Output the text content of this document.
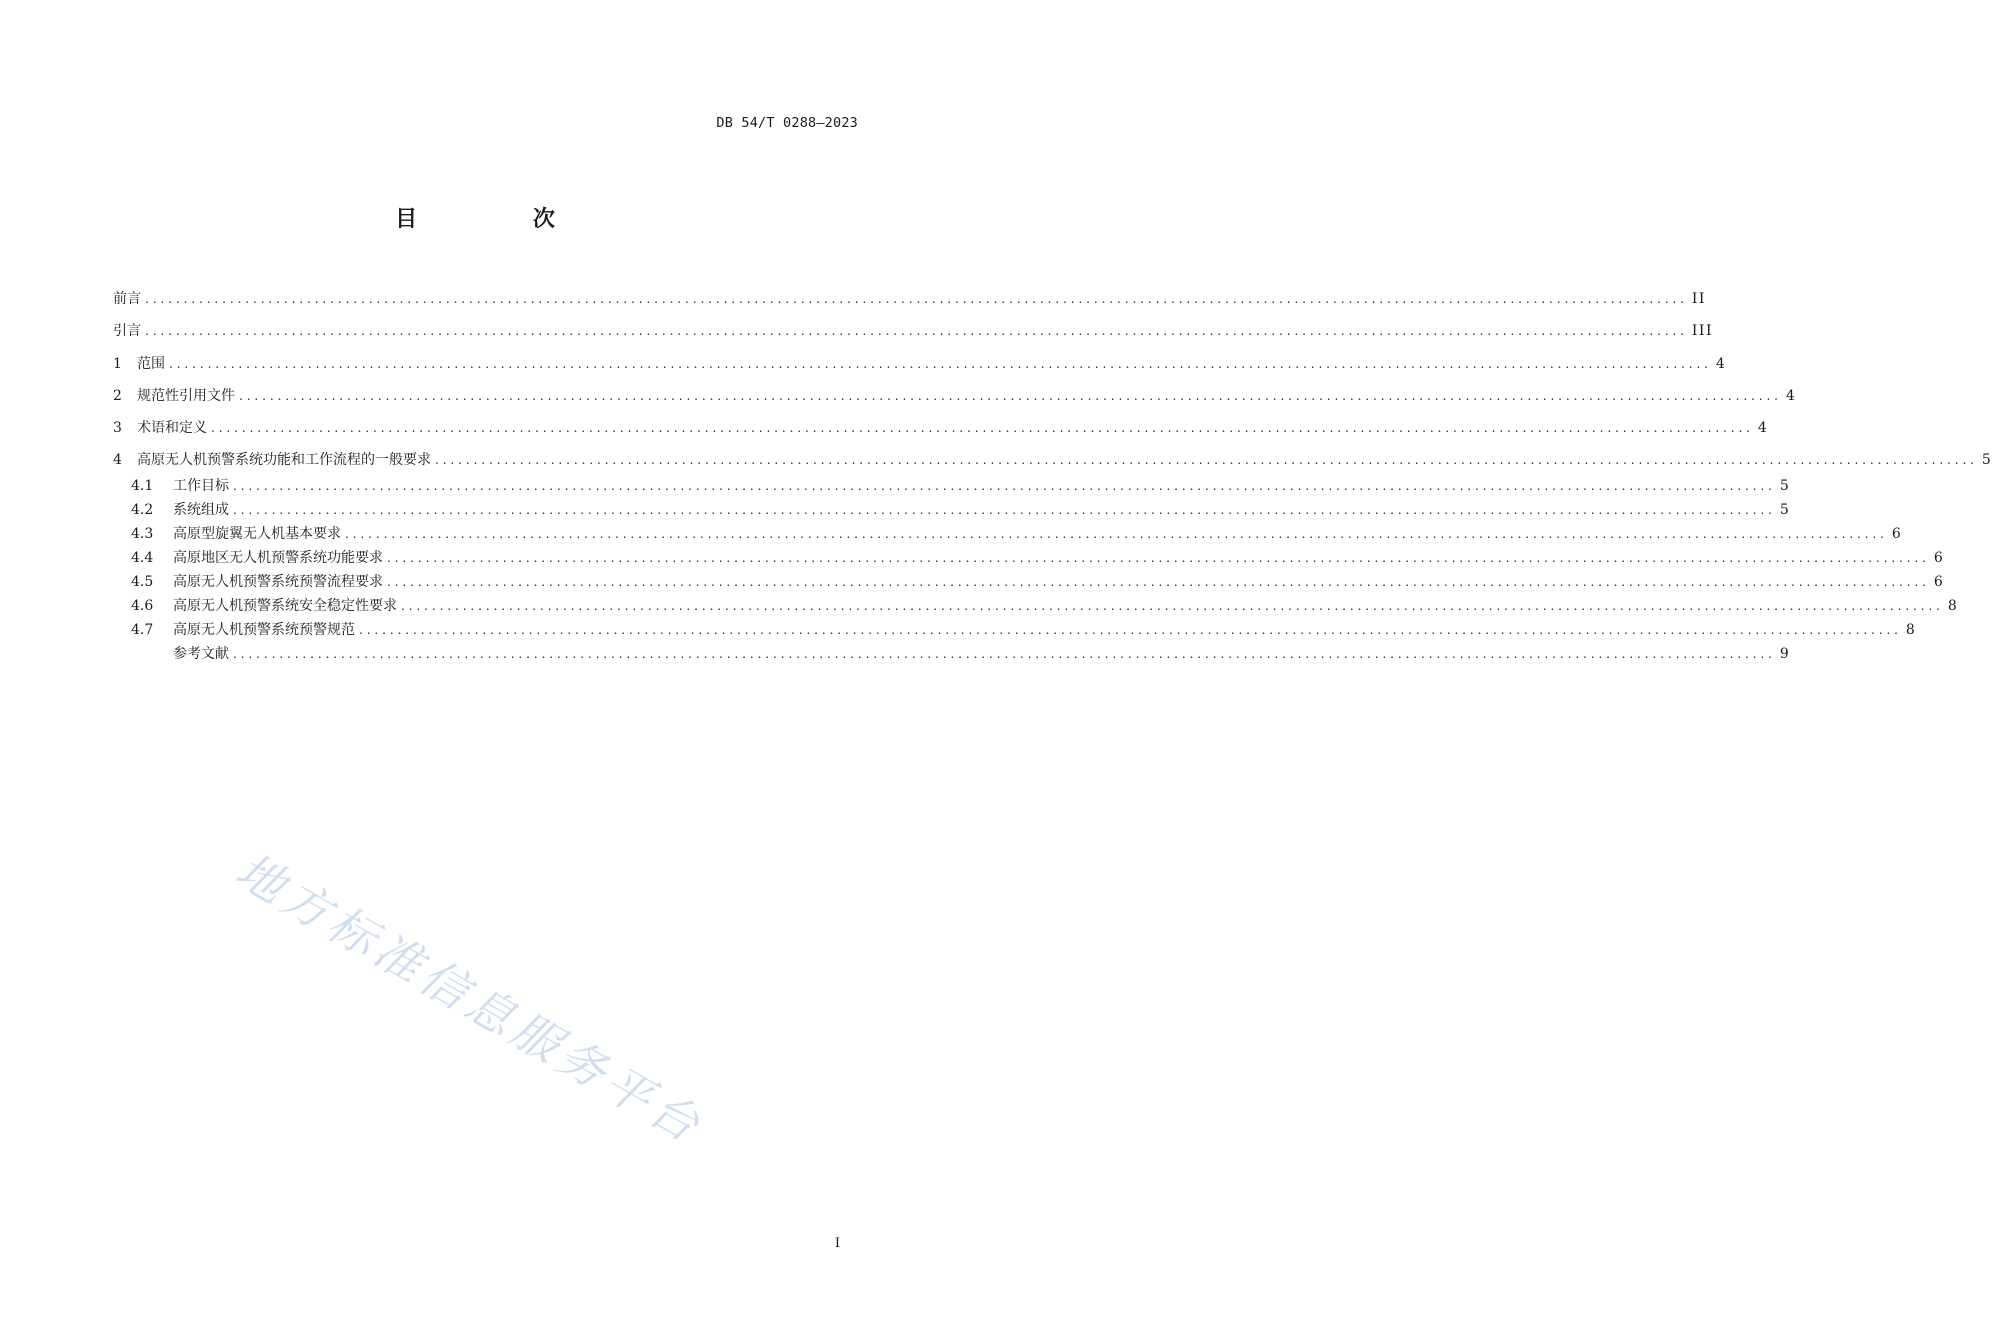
DB 54/T 0288—2023
目 次
前言 ........................................................................................................................................................................................................ II
引言 ........................................................................................................................................................................................................ III
1	范围 ........................................................................................................................................................................................................ 4
2	规范性引用文件 ........................................................................................................................................................................................................ 4
3	术语和定义 ........................................................................................................................................................................................................ 4
4	高原无人机预警系统功能和工作流程的一般要求 ........................................................................................................................................................................................................ 5
4.1	工作目标 ........................................................................................................................................................................................................ 5
4.2	系统组成 ........................................................................................................................................................................................................ 5
4.3	高原型旋翼无人机基本要求 ........................................................................................................................................................................................................ 6
4.4	高原地区无人机预警系统功能要求 ........................................................................................................................................................................................................ 6
4.5	高原无人机预警系统预警流程要求 ........................................................................................................................................................................................................ 6
4.6	高原无人机预警系统安全稳定性要求 ........................................................................................................................................................................................................ 8
4.7	高原无人机预警系统预警规范 ........................................................................................................................................................................................................ 8
参考文献 ........................................................................................................................................................................................................ 9
地方标准信息服务平台
I
